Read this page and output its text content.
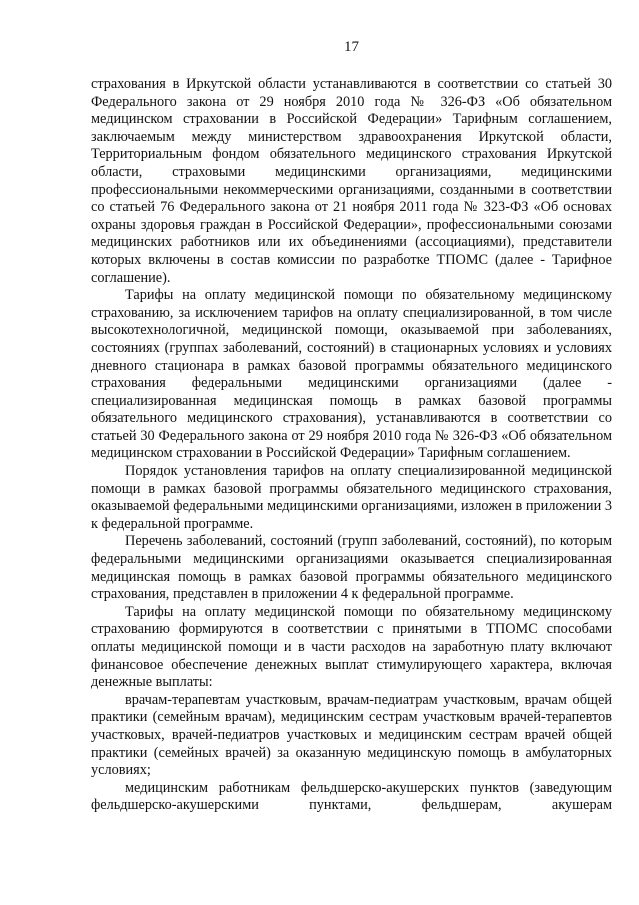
17

страхования в Иркутской области устанавливаются в соответствии со статьей 30 Федерального закона от 29 ноября 2010 года № 326-ФЗ «Об обязательном медицинском страховании в Российской Федерации» Тарифным соглашением, заключаемым между министерством здравоохранения Иркутской области, Территориальным фондом обязательного медицинского страхования Иркутской области, страховыми медицинскими организациями, медицинскими профессиональными некоммерческими организациями, созданными в соответствии со статьей 76 Федерального закона от 21 ноября 2011 года № 323-ФЗ «Об основах охраны здоровья граждан в Российской Федерации», профессиональными союзами медицинских работников или их объединениями (ассоциациями), представители которых включены в состав комиссии по разработке ТПОМС (далее - Тарифное соглашение).

Тарифы на оплату медицинской помощи по обязательному медицинскому страхованию, за исключением тарифов на оплату специализированной, в том числе высокотехнологичной, медицинской помощи, оказываемой при заболеваниях, состояниях (группах заболеваний, состояний) в стационарных условиях и условиях дневного стационара в рамках базовой программы обязательного медицинского страхования федеральными медицинскими организациями (далее - специализированная медицинская помощь в рамках базовой программы обязательного медицинского страхования), устанавливаются в соответствии со статьей 30 Федерального закона от 29 ноября 2010 года № 326-ФЗ «Об обязательном медицинском страховании в Российской Федерации» Тарифным соглашением.

Порядок установления тарифов на оплату специализированной медицинской помощи в рамках базовой программы обязательного медицинского страхования, оказываемой федеральными медицинскими организациями, изложен в приложении 3 к федеральной программе.

Перечень заболеваний, состояний (групп заболеваний, состояний), по которым федеральными медицинскими организациями оказывается специализированная медицинская помощь в рамках базовой программы обязательного медицинского страхования, представлен в приложении 4 к федеральной программе.

Тарифы на оплату медицинской помощи по обязательному медицинскому страхованию формируются в соответствии с принятыми в ТПОМС способами оплаты медицинской помощи и в части расходов на заработную плату включают финансовое обеспечение денежных выплат стимулирующего характера, включая денежные выплаты:

врачам-терапевтам участковым, врачам-педиатрам участковым, врачам общей практики (семейным врачам), медицинским сестрам участковым врачей-терапевтов участковых, врачей-педиатров участковых и медицинским сестрам врачей общей практики (семейных врачей) за оказанную медицинскую помощь в амбулаторных условиях;

медицинским работникам фельдшерско-акушерских пунктов (заведующим фельдшерско-акушерскими пунктами, фельдшерам, акушерам
